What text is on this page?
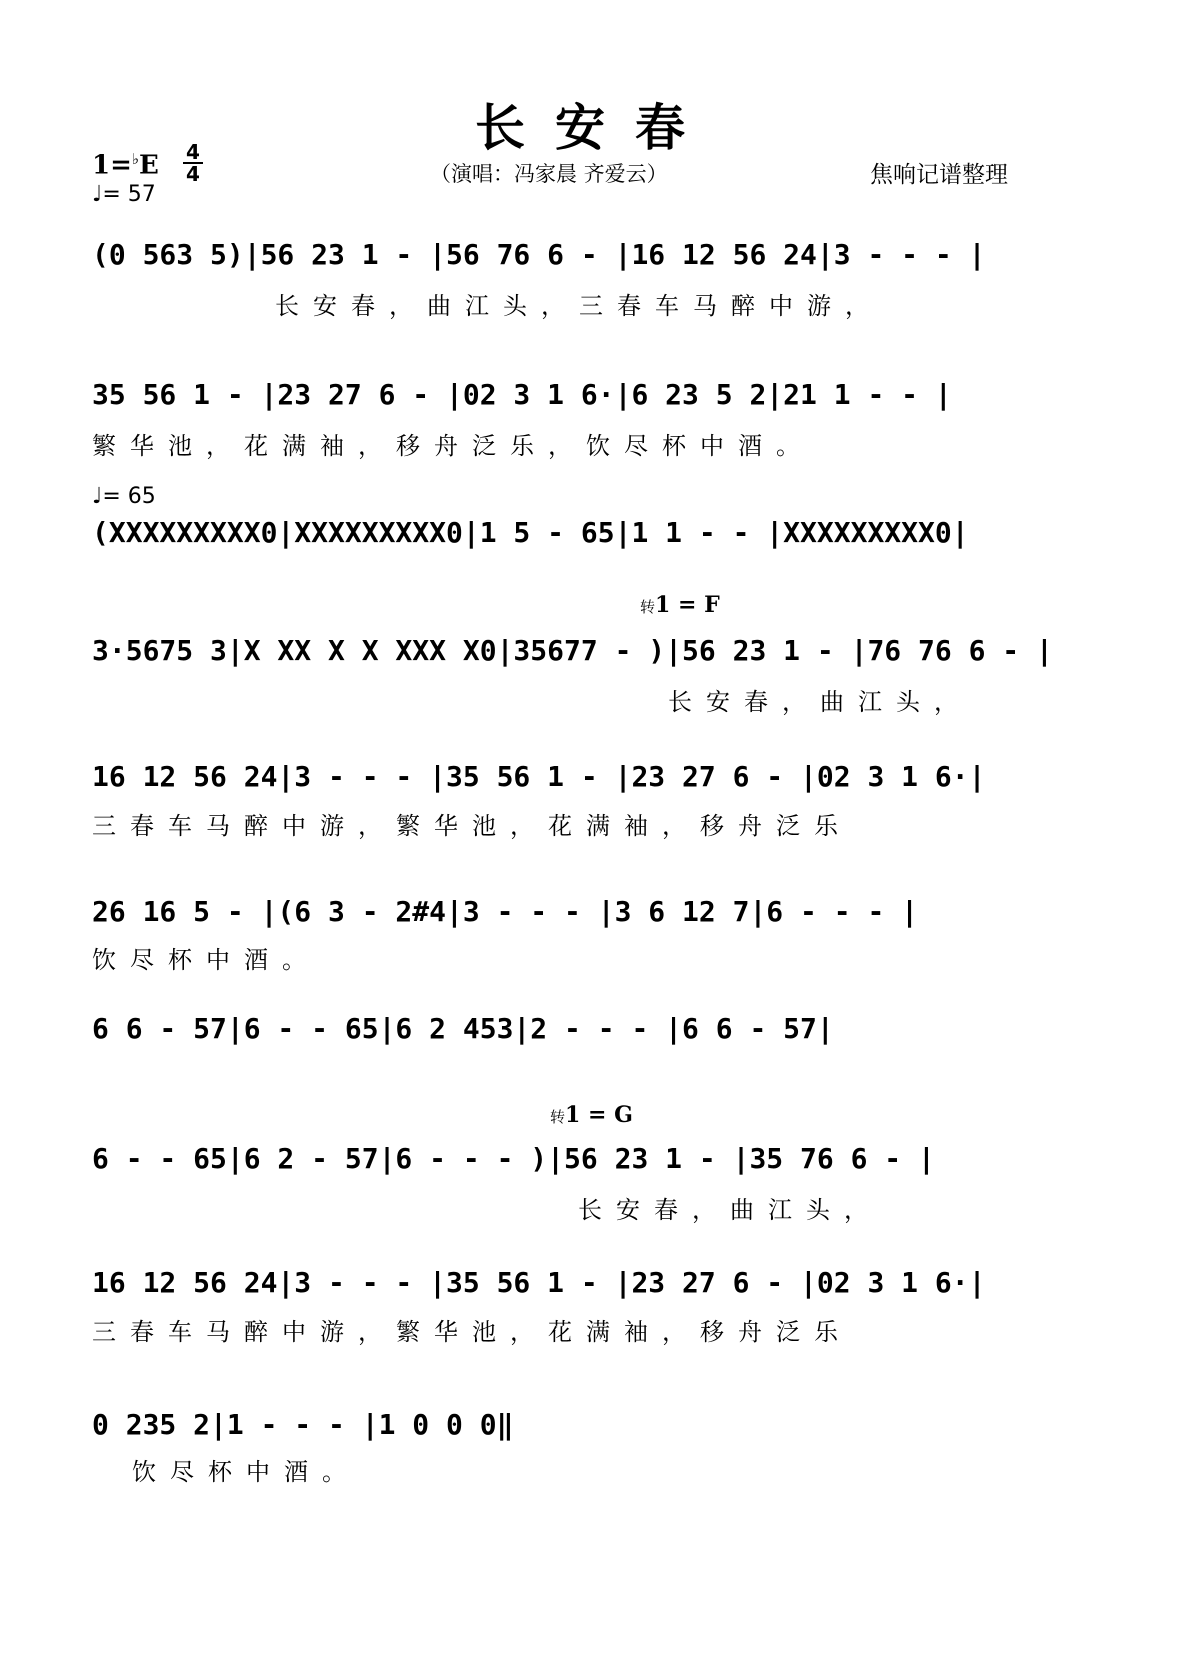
长安春
1=♭E 4
4
♩= 57
（演唱：冯家晨 齐爱云）	焦响记谱整理
(0 563 5)|56 23 1 - |56 76 6 - |16 12 56 24|3 - - - |
长安春，曲江头，三春车马醉中游，
35 56 1 - |23 27 6 - |02 3 1 6·|6 23 5 2|21 1 - - |
繁华池，花满袖，移舟泛乐，饮尽杯中酒。
♩= 65
(XXXXXXXXX0|XXXXXXXXX0|1 5 - 65|1 1 - - |XXXXXXXXX0|
转1 = F
3·5675 3|X XX X X XXX X0|35677 - )|56 23 1 - |76 76 6 - |
长安春，曲江头，
16 12 56 24|3 - - - |35 56 1 - |23 27 6 - |02 3 1 6·|
三春车马醉中游，繁华池，花满袖，移舟泛乐
26 16 5 - |(6 3 - 2#4|3 - - - |3 6 12 7|6 - - - |
饮尽杯中酒。
6 6 - 57|6 - - 65|6 2 453|2 - - - |6 6 - 57|
转1 = G
6 - - 65|6 2 - 57|6 - - - )|56 23 1 - |35 76 6 - |
长安春，曲江头，
16 12 56 24|3 - - - |35 56 1 - |23 27 6 - |02 3 1 6·|
三春车马醉中游，繁华池，花满袖，移舟泛乐
0 235 2|1 - - - |1 0 0 0‖
饮尽杯中酒。
